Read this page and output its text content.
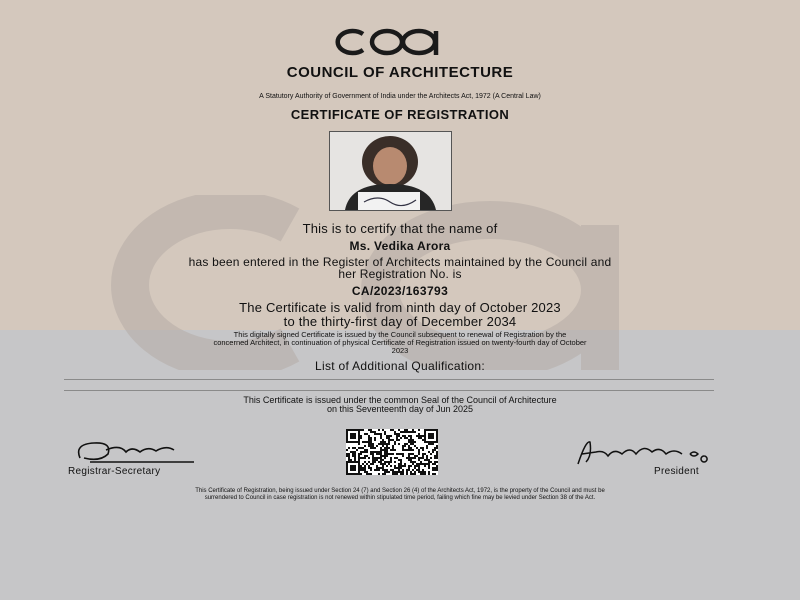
COUNCIL OF ARCHITECTURE
A Statutory Authority of Government of India under the Architects Act, 1972 (A Central Law)
CERTIFICATE OF REGISTRATION
This is to certify that the name of
Ms. Vedika Arora
has been entered in the Register of Architects maintained by the Council and
her Registration No. is
CA/2023/163793
The Certificate is valid from ninth day of October 2023
to the thirty-first day of December 2034
This digitally signed Certificate is issued by the Council subsequent to renewal of Registration by the
concerned Architect, in continuation of physical Certificate of Registration issued on twenty-fourth day of October
2023
List of Additional Qualification:
This Certificate is issued under the common Seal of the Council of Architecture
on this Seventeenth day of Jun 2025
Registrar-Secretary	President
This Certificate of Registration, being issued under Section 24 (7) and Section 26 (4) of the Architects Act, 1972, is the property of the Council and must be
surrendered to Council in case registration is not renewed within stipulated time period, failing which fine may be levied under Section 38 of the Act.
